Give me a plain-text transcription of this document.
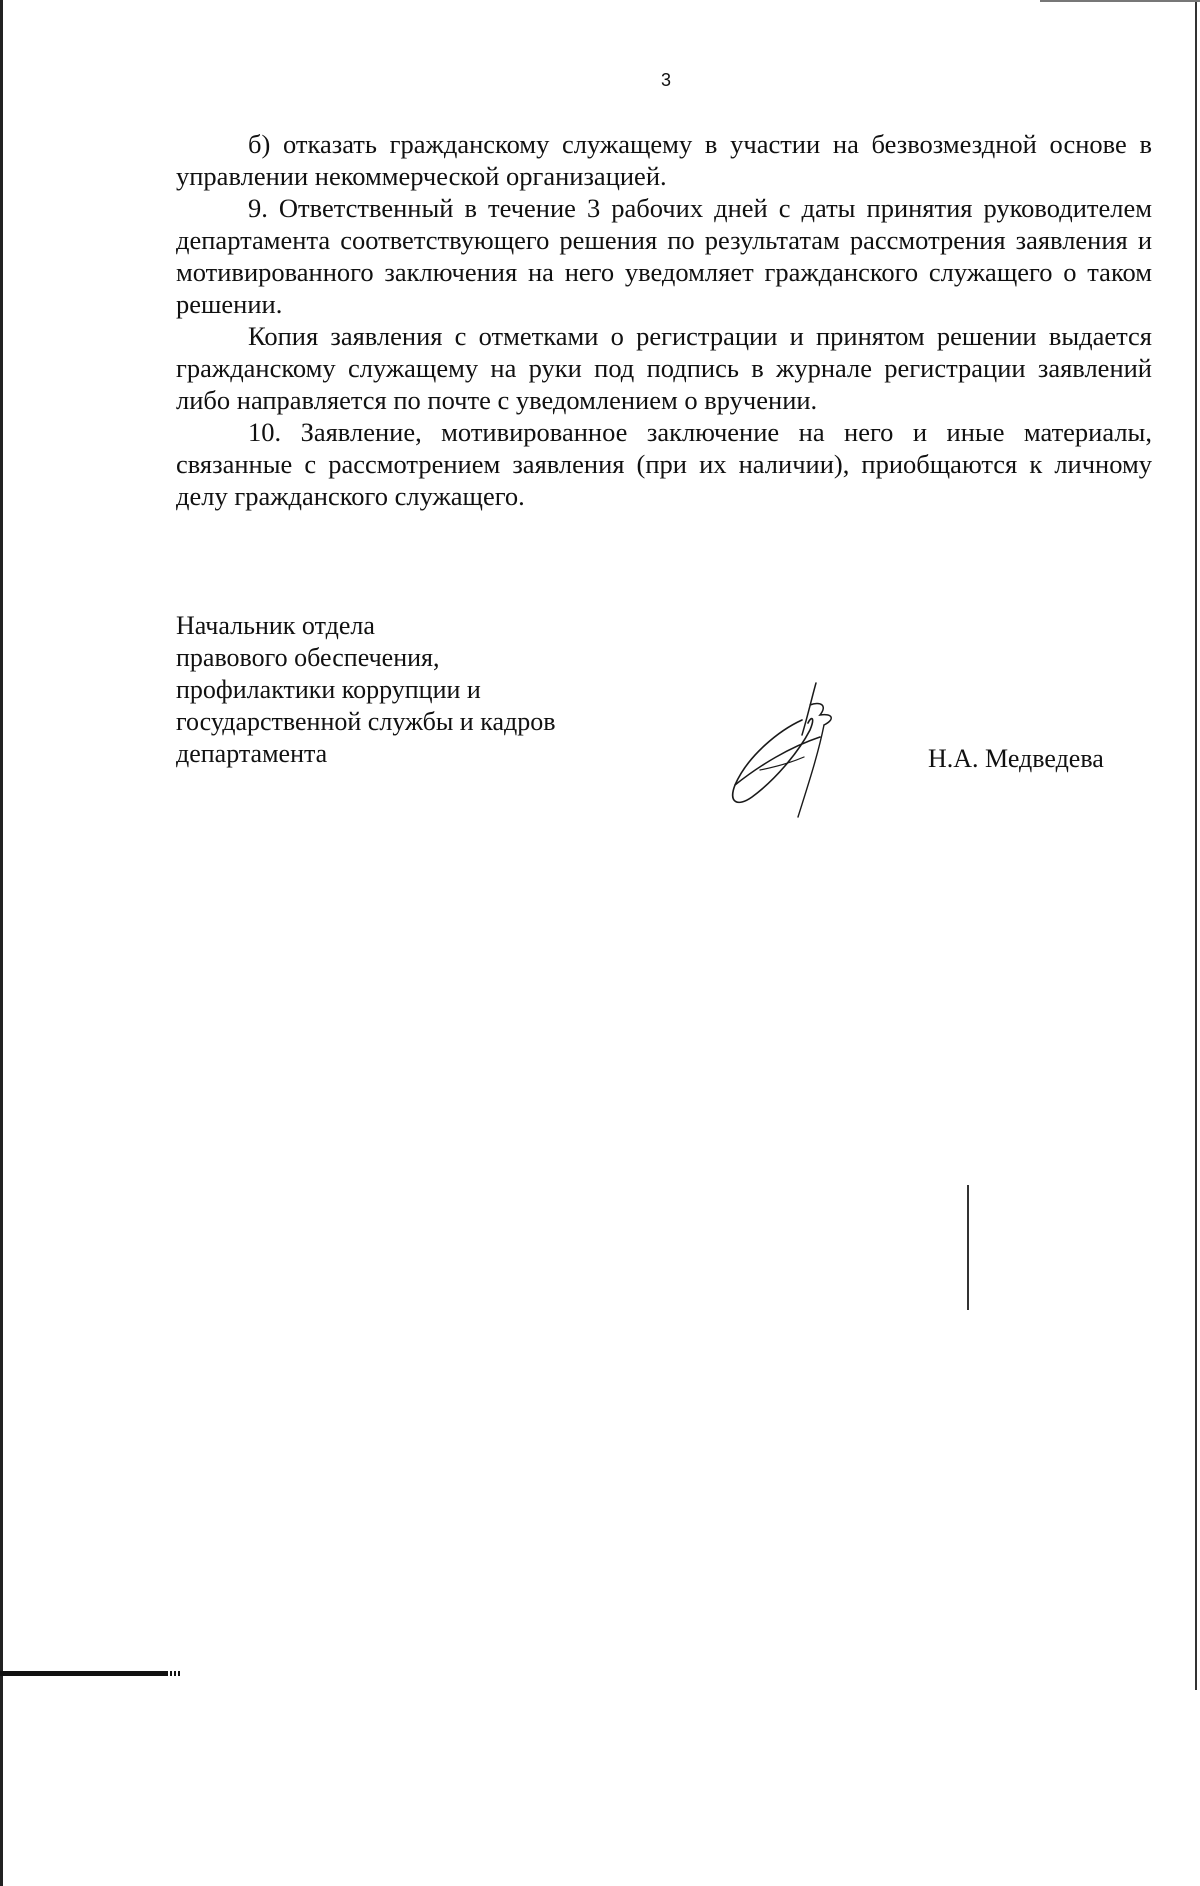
3

б) отказать гражданскому служащему в участии на безвозмездной основе в управлении некоммерческой организацией.

9. Ответственный в течение 3 рабочих дней с даты принятия руководителем департамента соответствующего решения по результатам рассмотрения заявления и мотивированного заключения на него уведомляет гражданского служащего о таком решении.

Копия заявления с отметками о регистрации и принятом решении выдается гражданскому служащему на руки под подпись в журнале регистрации заявлений либо направляется по почте с уведомлением о вручении.

10. Заявление, мотивированное заключение на него и иные материалы, связанные с рассмотрением заявления (при их наличии), приобщаются к личному делу гражданского служащего.

Начальник отдела
правового обеспечения,
профилактики коррупции и
государственной службы и кадров
департамента	Н.А. Медведева
